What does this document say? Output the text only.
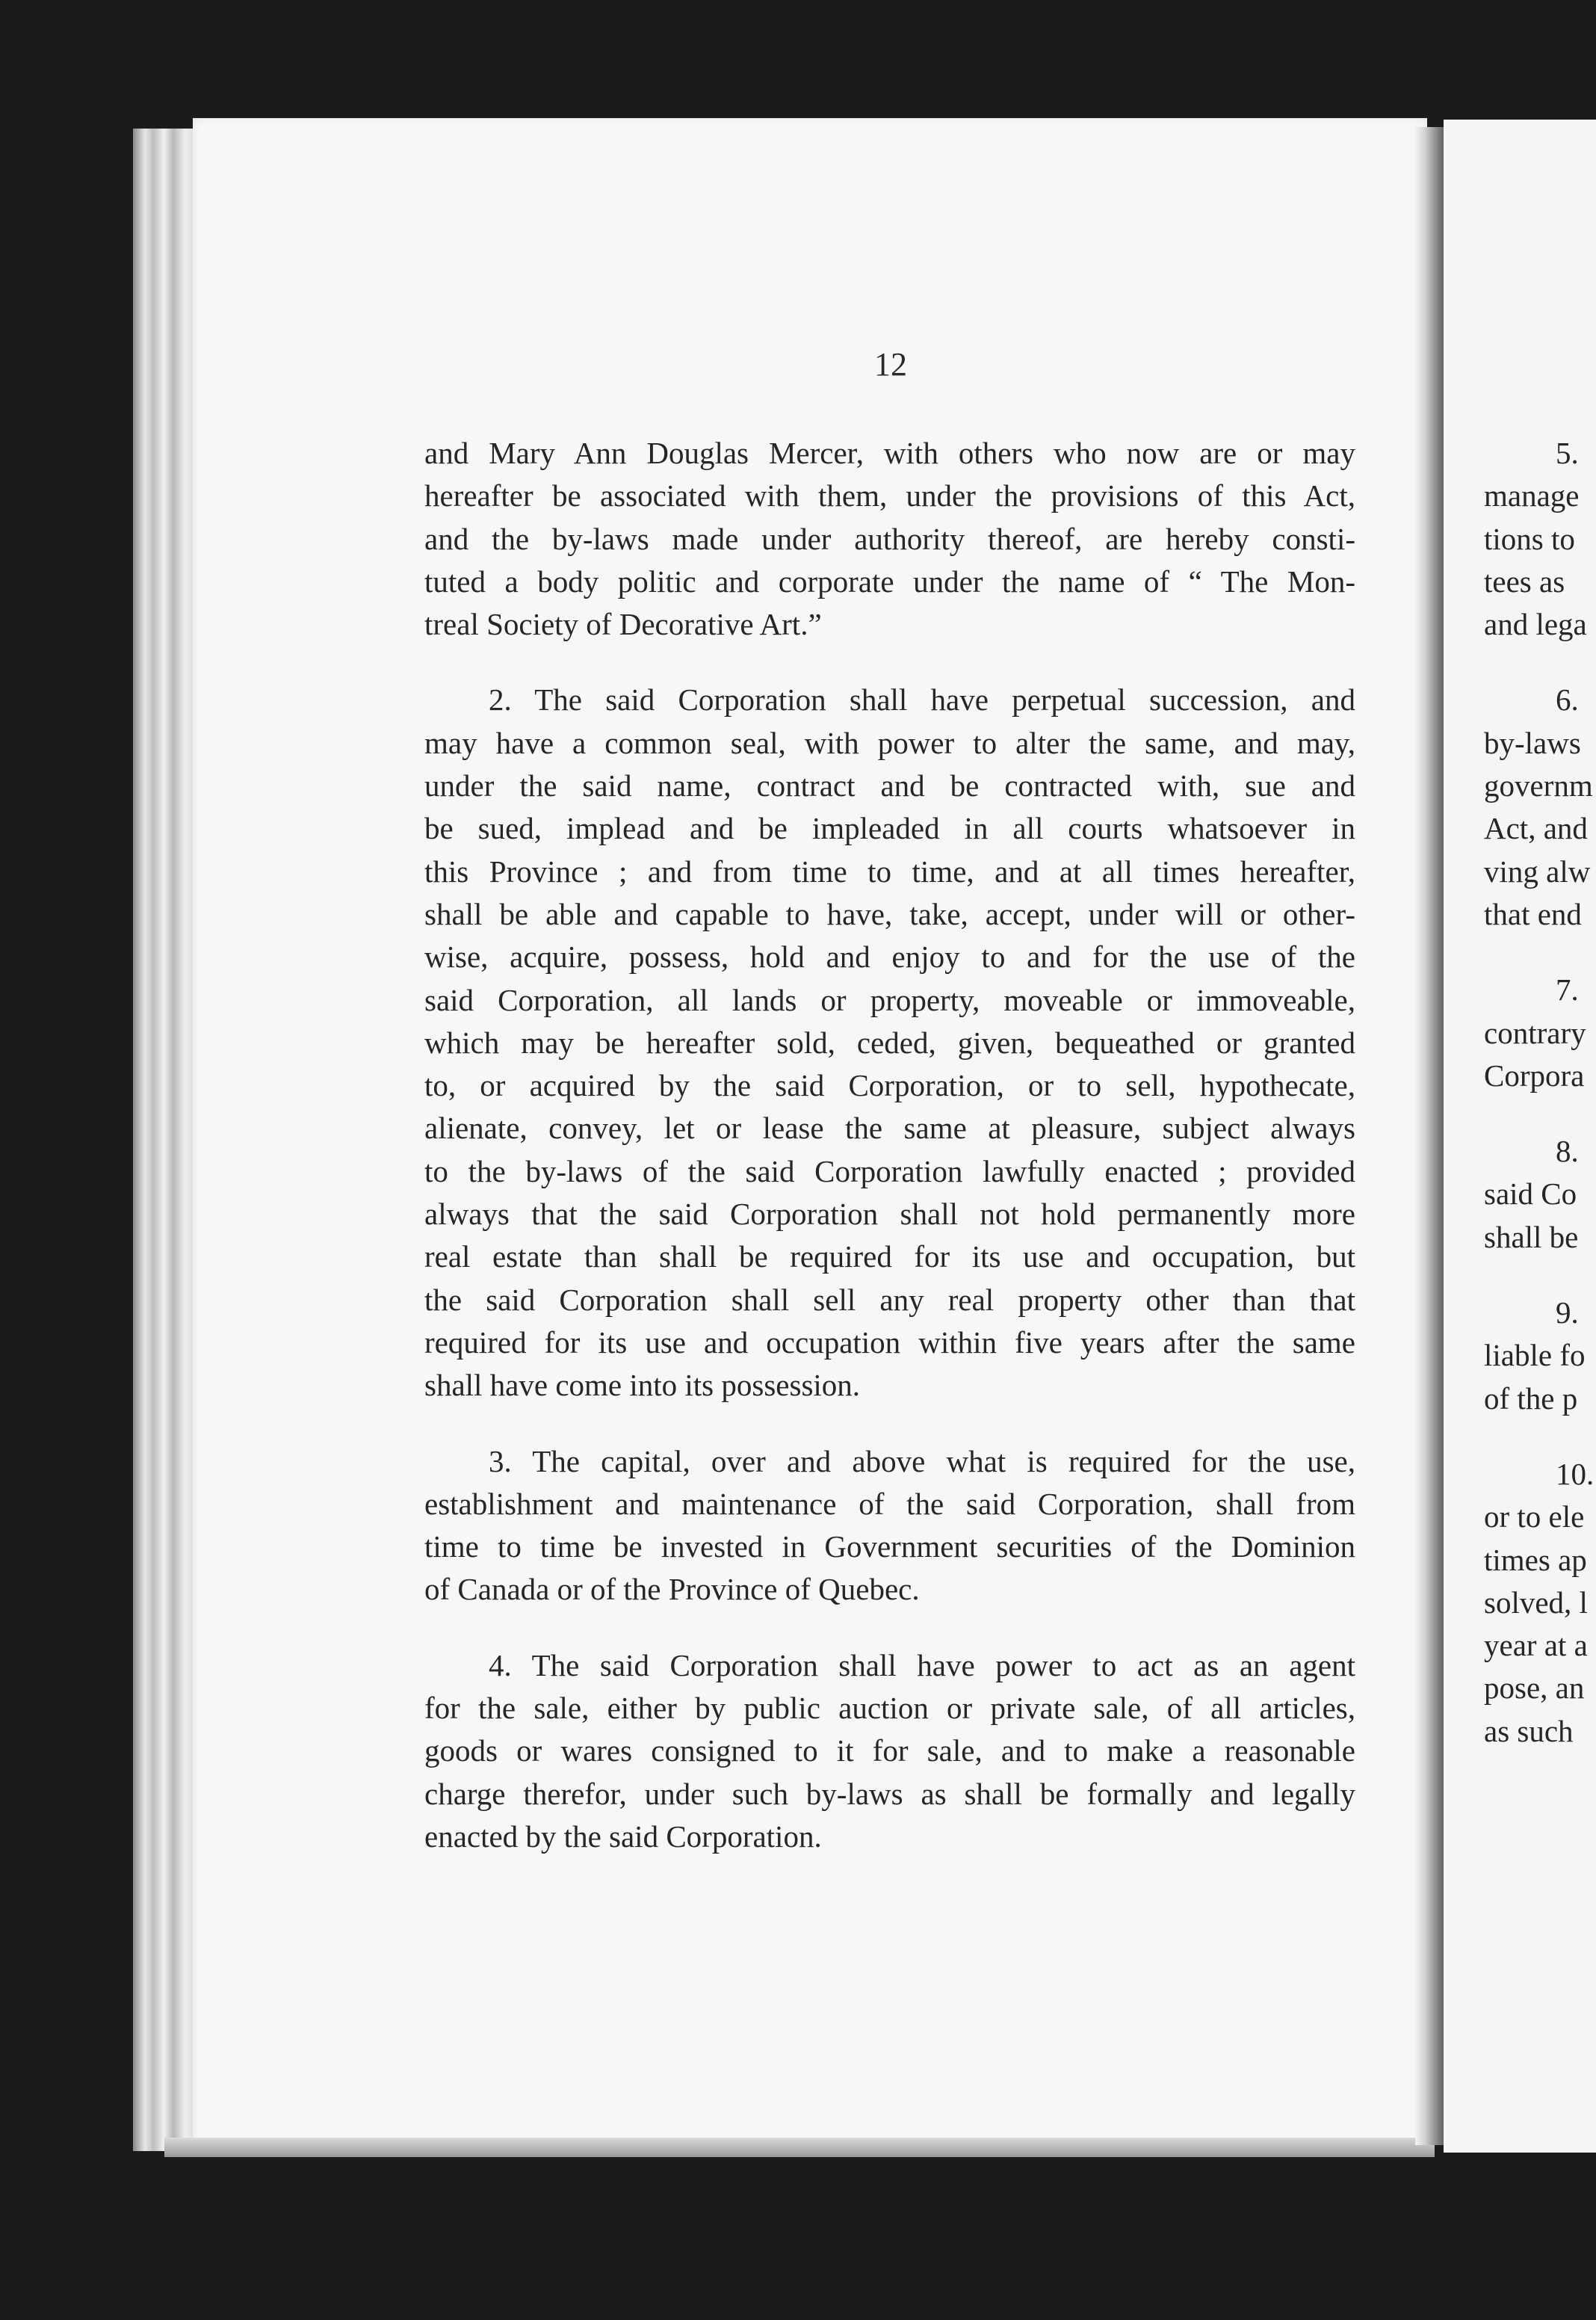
12
and Mary Ann Douglas Mercer, with others who now are or may
hereafter be associated with them, under the provisions of this Act,
and the by-laws made under authority thereof, are hereby consti-
tuted a body politic and corporate under the name of “ The Mon-
treal Society of Decorative Art.”
2. The said Corporation shall have perpetual succession, and
may have a common seal, with power to alter the same, and may,
under the said name, contract and be contracted with, sue and
be sued, implead and be impleaded in all courts whatsoever in
this Province ; and from time to time, and at all times hereafter,
shall be able and capable to have, take, accept, under will or other-
wise, acquire, possess, hold and enjoy to and for the use of the
said Corporation, all lands or property, moveable or immoveable,
which may be hereafter sold, ceded, given, bequeathed or granted
to, or acquired by the said Corporation, or to sell, hypothecate,
alienate, convey, let or lease the same at pleasure, subject always
to the by-laws of the said Corporation lawfully enacted ; provided
always that the said Corporation shall not hold permanently more
real estate than shall be required for its use and occupation, but
the said Corporation shall sell any real property other than that
required for its use and occupation within five years after the same
shall have come into its possession.
3. The capital, over and above what is required for the use,
establishment and maintenance of the said Corporation, shall from
time to time be invested in Government securities of the Dominion
of Canada or of the Province of Quebec.
4. The said Corporation shall have power to act as an agent
for the sale, either by public auction or private sale, of all articles,
goods or wares consigned to it for sale, and to make a reasonable
charge therefor, under such by-laws as shall be formally and legally
enacted by the said Corporation.
5.
manage
tions to
tees as
and lega
6.
by-laws
governm
Act, and
ving alw
that end
7.
contrary
Corpora
8.
said Co
shall be
9.
liable fo
of the p
10.
or to ele
times ap
solved, l
year at a
pose, an
as such
